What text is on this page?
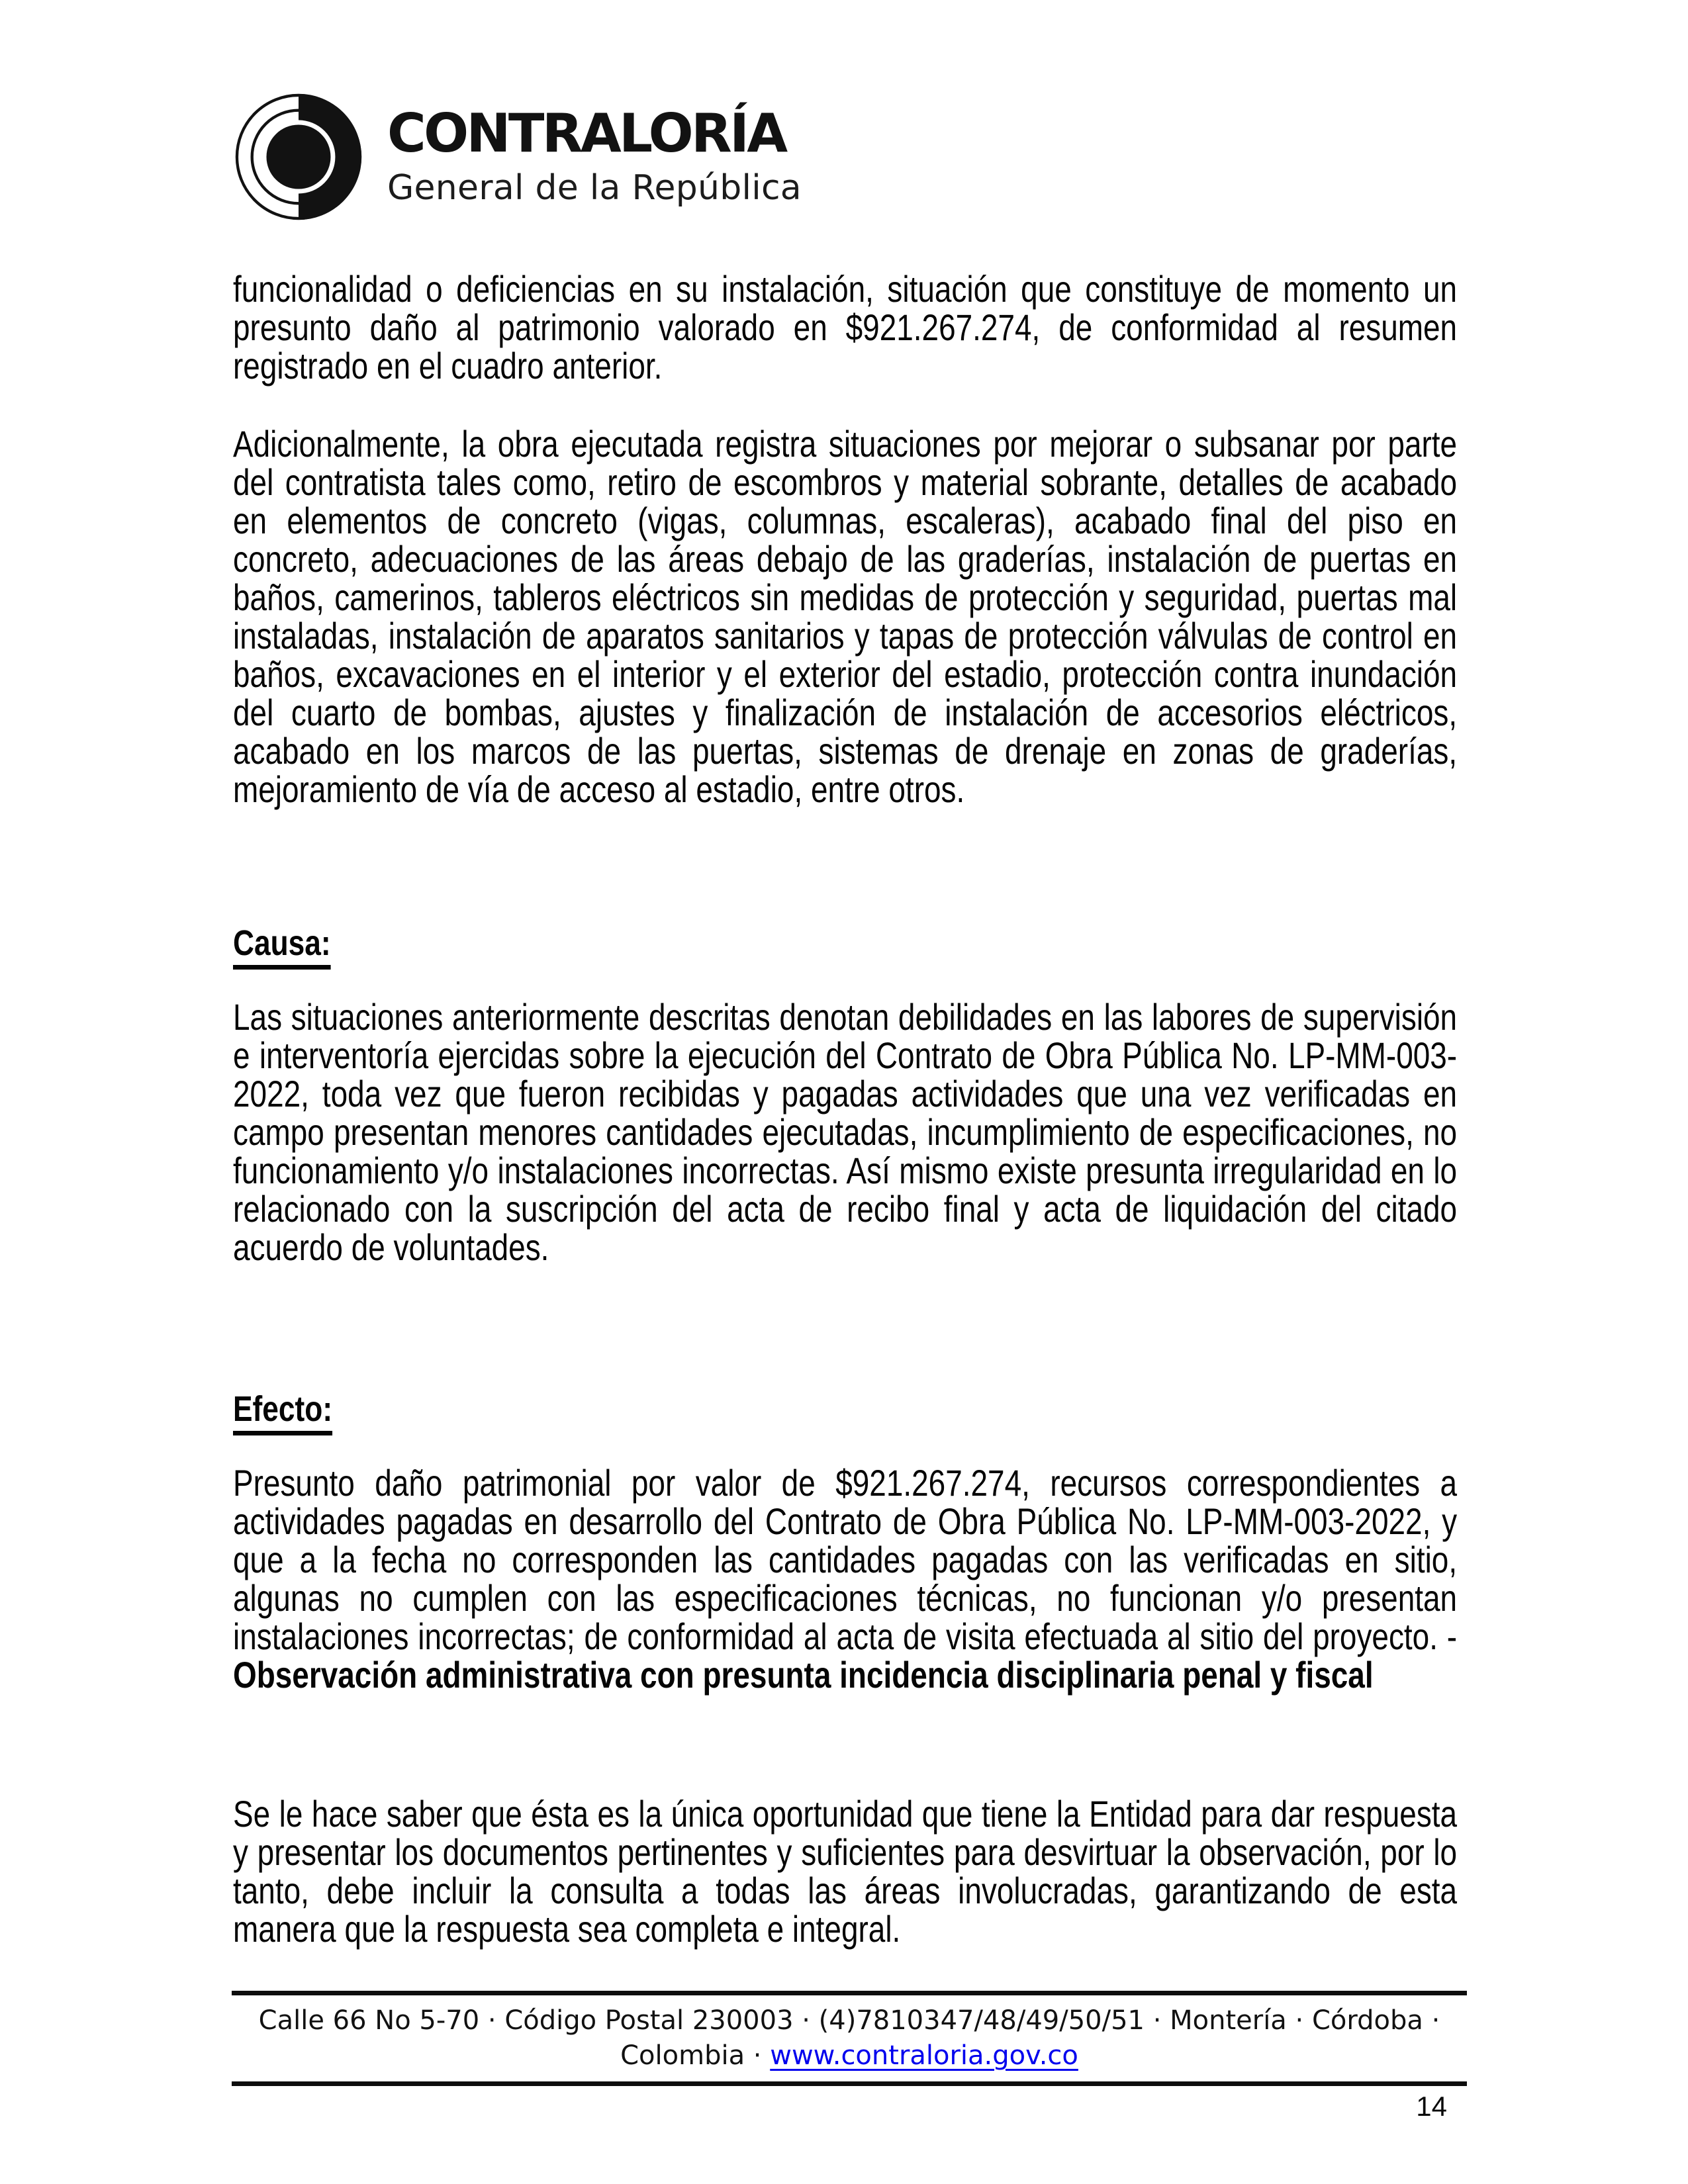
CONTRALORÍA
General de la República

funcionalidad o deficiencias en su instalación, situación que constituye de momento un presunto daño al patrimonio valorado en $921.267.274, de conformidad al resumen registrado en el cuadro anterior.

Adicionalmente, la obra ejecutada registra situaciones por mejorar o subsanar por parte del contratista tales como, retiro de escombros y material sobrante, detalles de acabado en elementos de concreto (vigas, columnas, escaleras), acabado final del piso en concreto, adecuaciones de las áreas debajo de las graderías, instalación de puertas en baños, camerinos, tableros eléctricos sin medidas de protección y seguridad, puertas mal instaladas, instalación de aparatos sanitarios y tapas de protección válvulas de control en baños, excavaciones en el interior y el exterior del estadio, protección contra inundación del cuarto de bombas, ajustes y finalización de instalación de accesorios eléctricos, acabado en los marcos de las puertas, sistemas de drenaje en zonas de graderías, mejoramiento de vía de acceso al estadio, entre otros.

Causa:

Las situaciones anteriormente descritas denotan debilidades en las labores de supervisión e interventoría ejercidas sobre la ejecución del Contrato de Obra Pública No. LP-MM-003-2022, toda vez que fueron recibidas y pagadas actividades que una vez verificadas en campo presentan menores cantidades ejecutadas, incumplimiento de especificaciones, no funcionamiento y/o instalaciones incorrectas. Así mismo existe presunta irregularidad en lo relacionado con la suscripción del acta de recibo final y acta de liquidación del citado acuerdo de voluntades.

Efecto:

Presunto daño patrimonial por valor de $921.267.274, recursos correspondientes a actividades pagadas en desarrollo del Contrato de Obra Pública No. LP-MM-003-2022, y que a la fecha no corresponden las cantidades pagadas con las verificadas en sitio, algunas no cumplen con las especificaciones técnicas, no funcionan y/o presentan instalaciones incorrectas; de conformidad al acta de visita efectuada al sitio del proyecto. - Observación administrativa con presunta incidencia disciplinaria penal y fiscal

Se le hace saber que ésta es la única oportunidad que tiene la Entidad para dar respuesta y presentar los documentos pertinentes y suficientes para desvirtuar la observación, por lo tanto, debe incluir la consulta a todas las áreas involucradas, garantizando de esta manera que la respuesta sea completa e integral.

Calle 66 No 5-70 · Código Postal 230003 · (4)7810347/48/49/50/51 · Montería · Córdoba ·
Colombia · www.contraloria.gov.co
14
